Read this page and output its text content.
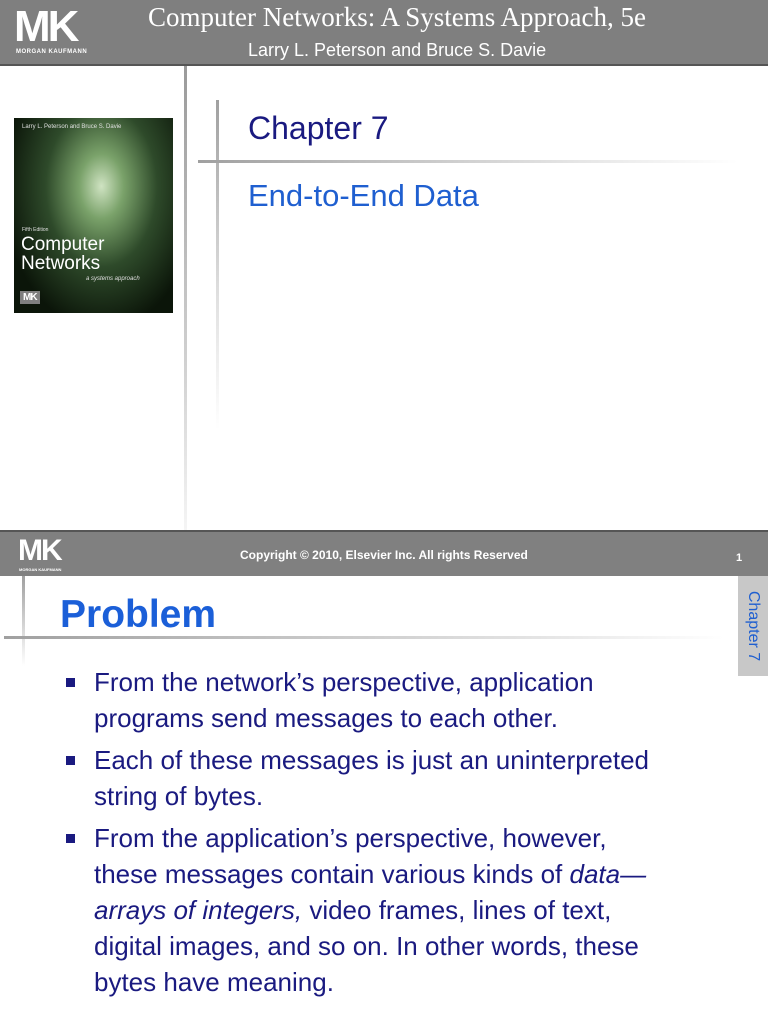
MK
MORGAN KAUFMANN
Computer Networks: A Systems Approach, 5e
Larry L. Peterson and Bruce S. Davie
Larry L. Peterson and Bruce S. Davie
Fifth Edition
Computer
Networks
a systems approach
MK
Chapter 7
End-to-End Data
MK
MORGAN KAUFMANN
Copyright © 2010, Elsevier Inc. All rights Reserved	1
Problem	Chapter 7
From the network’s perspective, application
programs send messages to each other.
Each of these messages is just an uninterpreted
string of bytes.
From the application’s perspective, however,
these messages contain various kinds of data—
arrays of integers, video frames, lines of text,
digital images, and so on. In other words, these
bytes have meaning.
